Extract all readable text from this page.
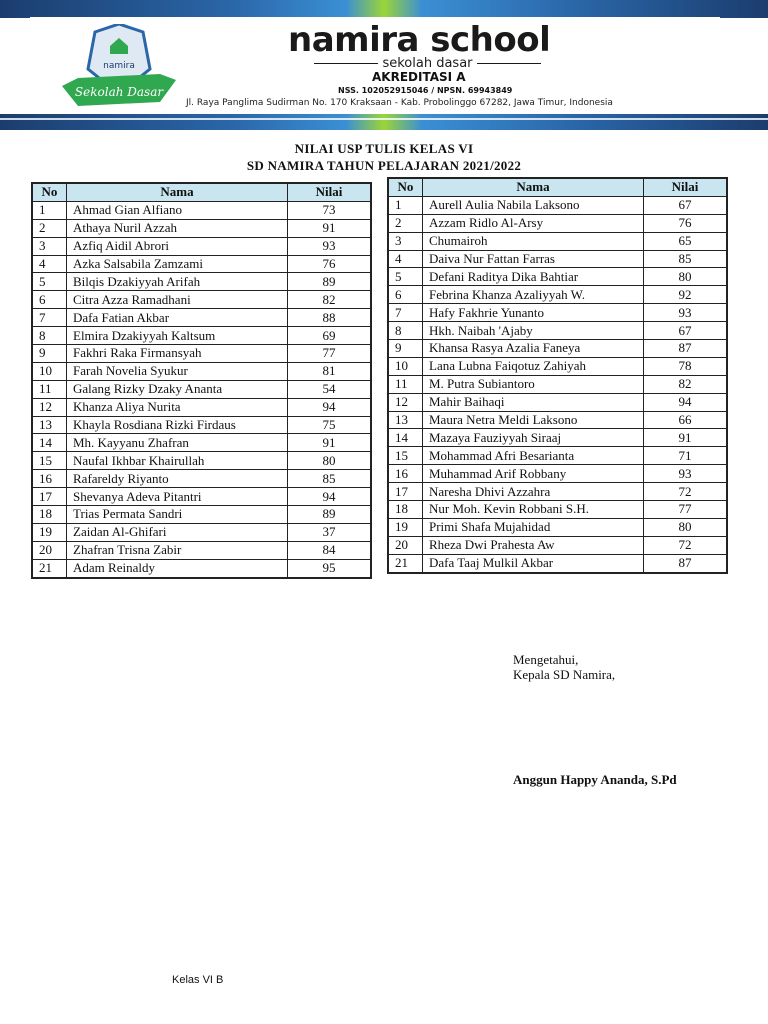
namira
Sekolah Dasar
namira school
sekolah dasar
AKREDITASI A
NSS. 102052915046 / NPSN. 69943849
Jl. Raya Panglima Sudirman No. 170 Kraksaan - Kab. Probolinggo 67282, Jawa Timur, Indonesia
NILAI USP TULIS KELAS VI
SD NAMIRA TAHUN PELAJARAN 2021/2022
No	Nama	Nilai
1	Ahmad Gian Alfiano	73
2	Athaya Nuril Azzah	91
3	Azfiq Aidil Abrori	93
4	Azka Salsabila Zamzami	76
5	Bilqis Dzakiyyah Arifah	89
6	Citra Azza Ramadhani	82
7	Dafa Fatian Akbar	88
8	Elmira Dzakiyyah Kaltsum	69
9	Fakhri Raka Firmansyah	77
10	Farah Novelia Syukur	81
11	Galang Rizky Dzaky Ananta	54
12	Khanza Aliya Nurita	94
13	Khayla Rosdiana Rizki Firdaus	75
14	Mh. Kayyanu Zhafran	91
15	Naufal Ikhbar Khairullah	80
16	Rafareldy Riyanto	85
17	Shevanya Adeva Pitantri	94
18	Trias Permata Sandri	89
19	Zaidan Al-Ghifari	37
20	Zhafran Trisna Zabir	84
21	Adam Reinaldy	95
No	Nama	Nilai
1	Aurell Aulia Nabila Laksono	67
2	Azzam Ridlo Al-Arsy	76
3	Chumairoh	65
4	Daiva Nur Fattan Farras	85
5	Defani Raditya Dika Bahtiar	80
6	Febrina Khanza Azaliyyah W.	92
7	Hafy Fakhrie Yunanto	93
8	Hkh. Naibah 'Ajaby	67
9	Khansa Rasya Azalia Faneya	87
10	Lana Lubna Faiqotuz Zahiyah	78
11	M. Putra Subiantoro	82
12	Mahir Baihaqi	94
13	Maura Netra Meldi Laksono	66
14	Mazaya Fauziyyah Siraaj	91
15	Mohammad Afri Besarianta	71
16	Muhammad Arif Robbany	93
17	Naresha Dhivi Azzahra	72
18	Nur Moh. Kevin Robbani S.H.	77
19	Primi Shafa Mujahidad	80
20	Rheza Dwi Prahesta Aw	72
21	Dafa Taaj Mulkil Akbar	87
Mengetahui,
Kepala SD Namira,
Anggun Happy Ananda, S.Pd
Kelas VI B
